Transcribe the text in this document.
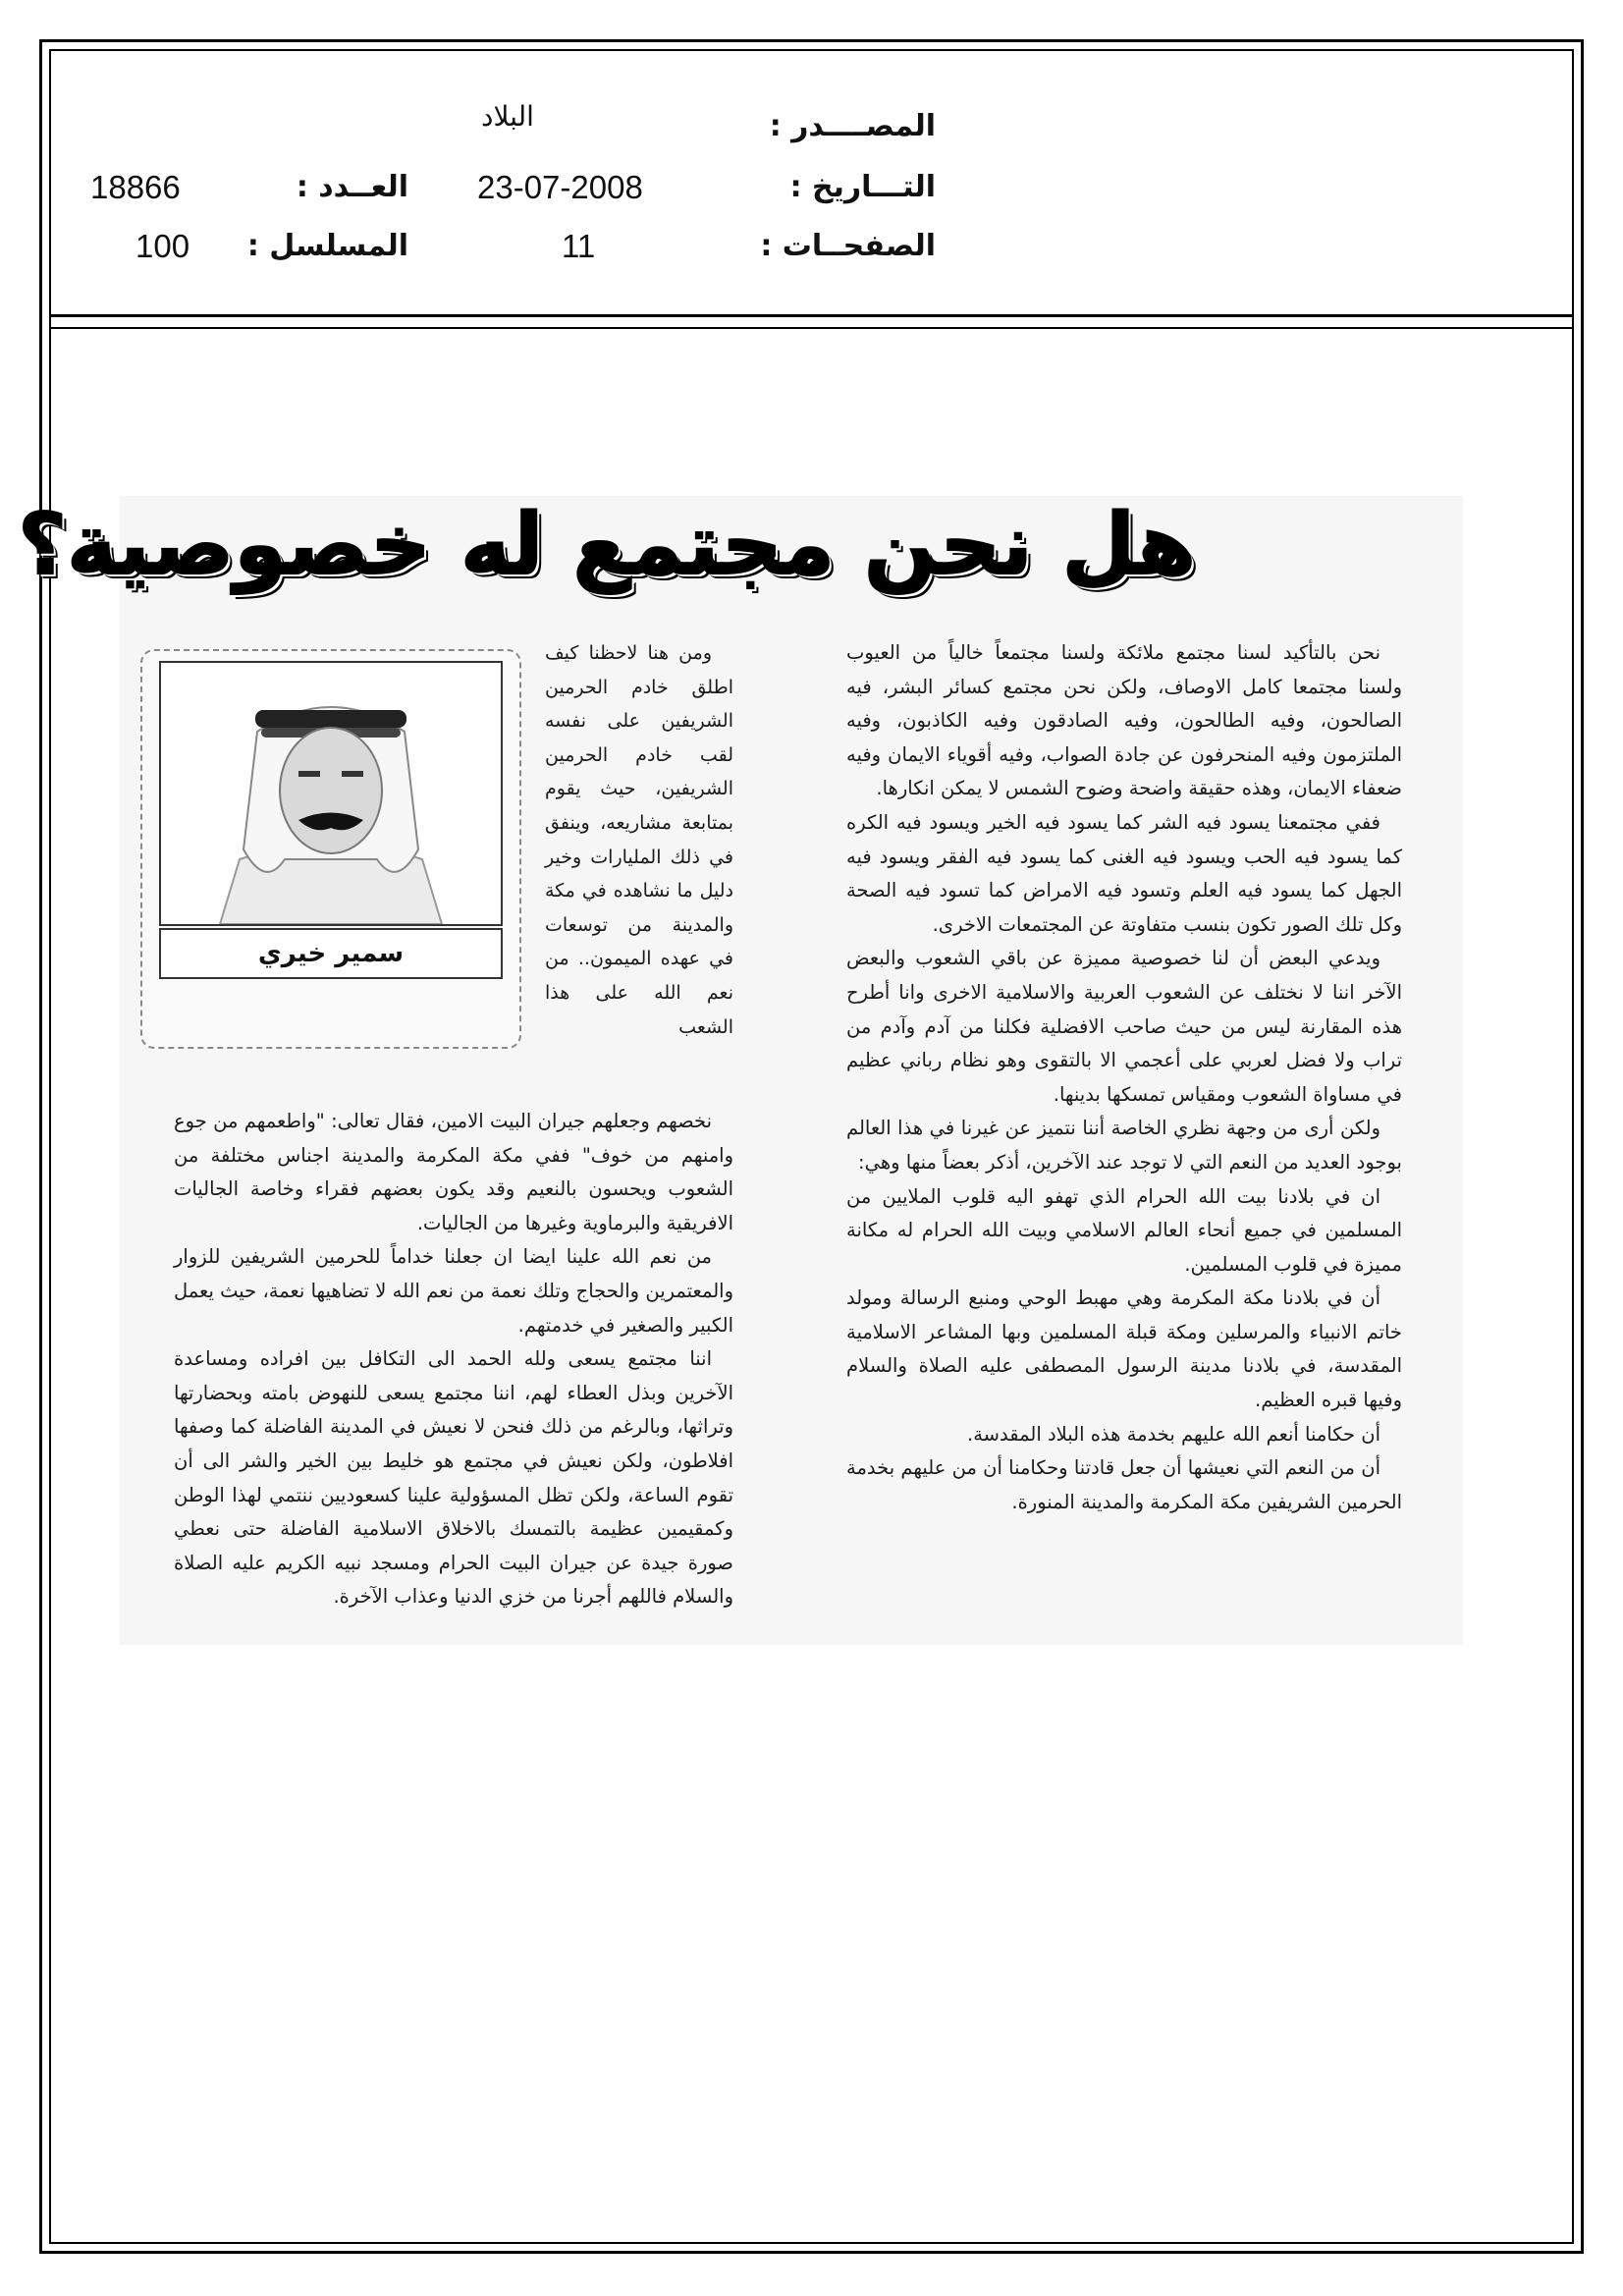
المصــــدر :
البلاد
التـــاريخ :
23-07-2008
العــدد :
18866
الصفحــات :
11
المسلسل :
100
هل نحن مجتمع له خصوصية؟
سمير خيري

نحن بالتأكيد لسنا مجتمع ملائكة ولسنا مجتمعاً خالياً من العيوب ولسنا مجتمعا كامل الاوصاف، ولكن نحن مجتمع كسائر البشر، فيه الصالحون، وفيه الطالحون، وفيه الصادقون وفيه الكاذبون، وفيه الملتزمون وفيه المنحرفون عن جادة الصواب، وفيه أقوياء الايمان وفيه ضعفاء الايمان، وهذه حقيقة واضحة وضوح الشمس لا يمكن انكارها.

ففي مجتمعنا يسود فيه الشر كما يسود فيه الخير ويسود فيه الكره كما يسود فيه الحب ويسود فيه الغنى كما يسود فيه الفقر ويسود فيه الجهل كما يسود فيه العلم وتسود فيه الامراض كما تسود فيه الصحة وكل تلك الصور تكون بنسب متفاوتة عن المجتمعات الاخرى.

ويدعي البعض أن لنا خصوصية مميزة عن باقي الشعوب والبعض الآخر اننا لا نختلف عن الشعوب العربية والاسلامية الاخرى وانا أطرح هذه المقارنة ليس من حيث صاحب الافضلية فكلنا من آدم وآدم من تراب ولا فضل لعربي على أعجمي الا بالتقوى وهو نظام رباني عظيم في مساواة الشعوب ومقياس تمسكها بدينها.

ولكن أرى من وجهة نظري الخاصة أننا نتميز عن غيرنا في هذا العالم بوجود العديد من النعم التي لا توجد عند الآخرين، أذكر بعضاً منها وهي:

ان في بلادنا بيت الله الحرام الذي تهفو اليه قلوب الملايين من المسلمين في جميع أنحاء العالم الاسلامي وبيت الله الحرام له مكانة مميزة في قلوب المسلمين.

أن في بلادنا مكة المكرمة وهي مهبط الوحي ومنبع الرسالة ومولد خاتم الانبياء والمرسلين ومكة قبلة المسلمين وبها المشاعر الاسلامية المقدسة، في بلادنا مدينة الرسول المصطفى عليه الصلاة والسلام وفيها قبره العظيم.

أن حكامنا أنعم الله عليهم بخدمة هذه البلاد المقدسة.

أن من النعم التي نعيشها أن جعل قادتنا وحكامنا أن من عليهم بخدمة الحرمين الشريفين مكة المكرمة والمدينة المنورة.

ومن هنا لاحظنا كيف اطلق خادم الحرمين الشريفين على نفسه لقب خادم الحرمين الشريفين، حيث يقوم بمتابعة مشاريعه، وينفق في ذلك المليارات وخير دليل ما نشاهده في مكة والمدينة من توسعات في عهده الميمون.. من نعم الله على هذا الشعب

نخصهم وجعلهم جيران البيت الامين، فقال تعالى: "واطعمهم من جوع وامنهم من خوف" ففي مكة المكرمة والمدينة اجناس مختلفة من الشعوب ويحسون بالنعيم وقد يكون بعضهم فقراء وخاصة الجاليات الافريقية والبرماوية وغيرها من الجاليات.

من نعم الله علينا ايضا ان جعلنا خداماً للحرمين الشريفين للزوار والمعتمرين والحجاج وتلك نعمة من نعم الله لا تضاهيها نعمة، حيث يعمل الكبير والصغير في خدمتهم.

اننا مجتمع يسعى ولله الحمد الى التكافل بين افراده ومساعدة الآخرين وبذل العطاء لهم، اننا مجتمع يسعى للنهوض بامته وبحضارتها وتراثها، وبالرغم من ذلك فنحن لا نعيش في المدينة الفاضلة كما وصفها افلاطون، ولكن نعيش في مجتمع هو خليط بين الخير والشر الى أن تقوم الساعة، ولكن تظل المسؤولية علينا كسعوديين ننتمي لهذا الوطن وكمقيمين عظيمة بالتمسك بالاخلاق الاسلامية الفاضلة حتى نعطي صورة جيدة عن جيران البيت الحرام ومسجد نبيه الكريم عليه الصلاة والسلام فاللهم أجرنا من خزي الدنيا وعذاب الآخرة.
